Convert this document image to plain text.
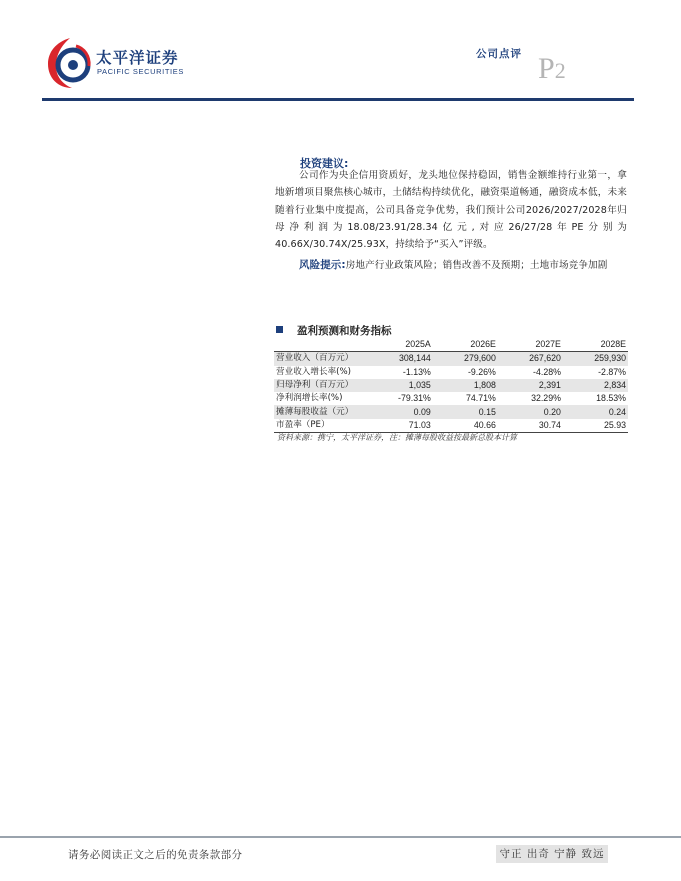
太平洋证券
PACIFIC SECURITIES
公司点评 P2
投资建议:
公司作为央企信用资质好，龙头地位保持稳固，销售金额维持行业第一，拿地新增项目聚焦核心城市，土储结构持续优化，融资渠道畅通，融资成本低，未来随着行业集中度提高，公司具备竞争优势，我们预计公司2026/2027/2028年归母净利润为18.08/23.91/28.34亿元,对应26/27/28年PE分别为40.66X/30.74X/25.93X，持续给予“买入”评级。
风险提示:房地产行业政策风险；销售改善不及预期；土地市场竞争加剧
盈利预测和财务指标
	2025A	2026E	2027E	2028E
营业收入（百万元）	308,144	279,600	267,620	259,930
营业收入增长率(%)	-1.13%	-9.26%	-4.28%	-2.87%
归母净利（百万元）	1,035	1,808	2,391	2,834
净利润增长率(%)	-79.31%	74.71%	32.29%	18.53%
摊薄每股收益（元）	0.09	0.15	0.20	0.24
市盈率（PE）	71.03	40.66	30.74	25.93
资料来源：携宁，太平洋证券，注：摊薄每股收益按最新总股本计算
请务必阅读正文之后的免责条款部分	守正 出奇 宁静 致远
